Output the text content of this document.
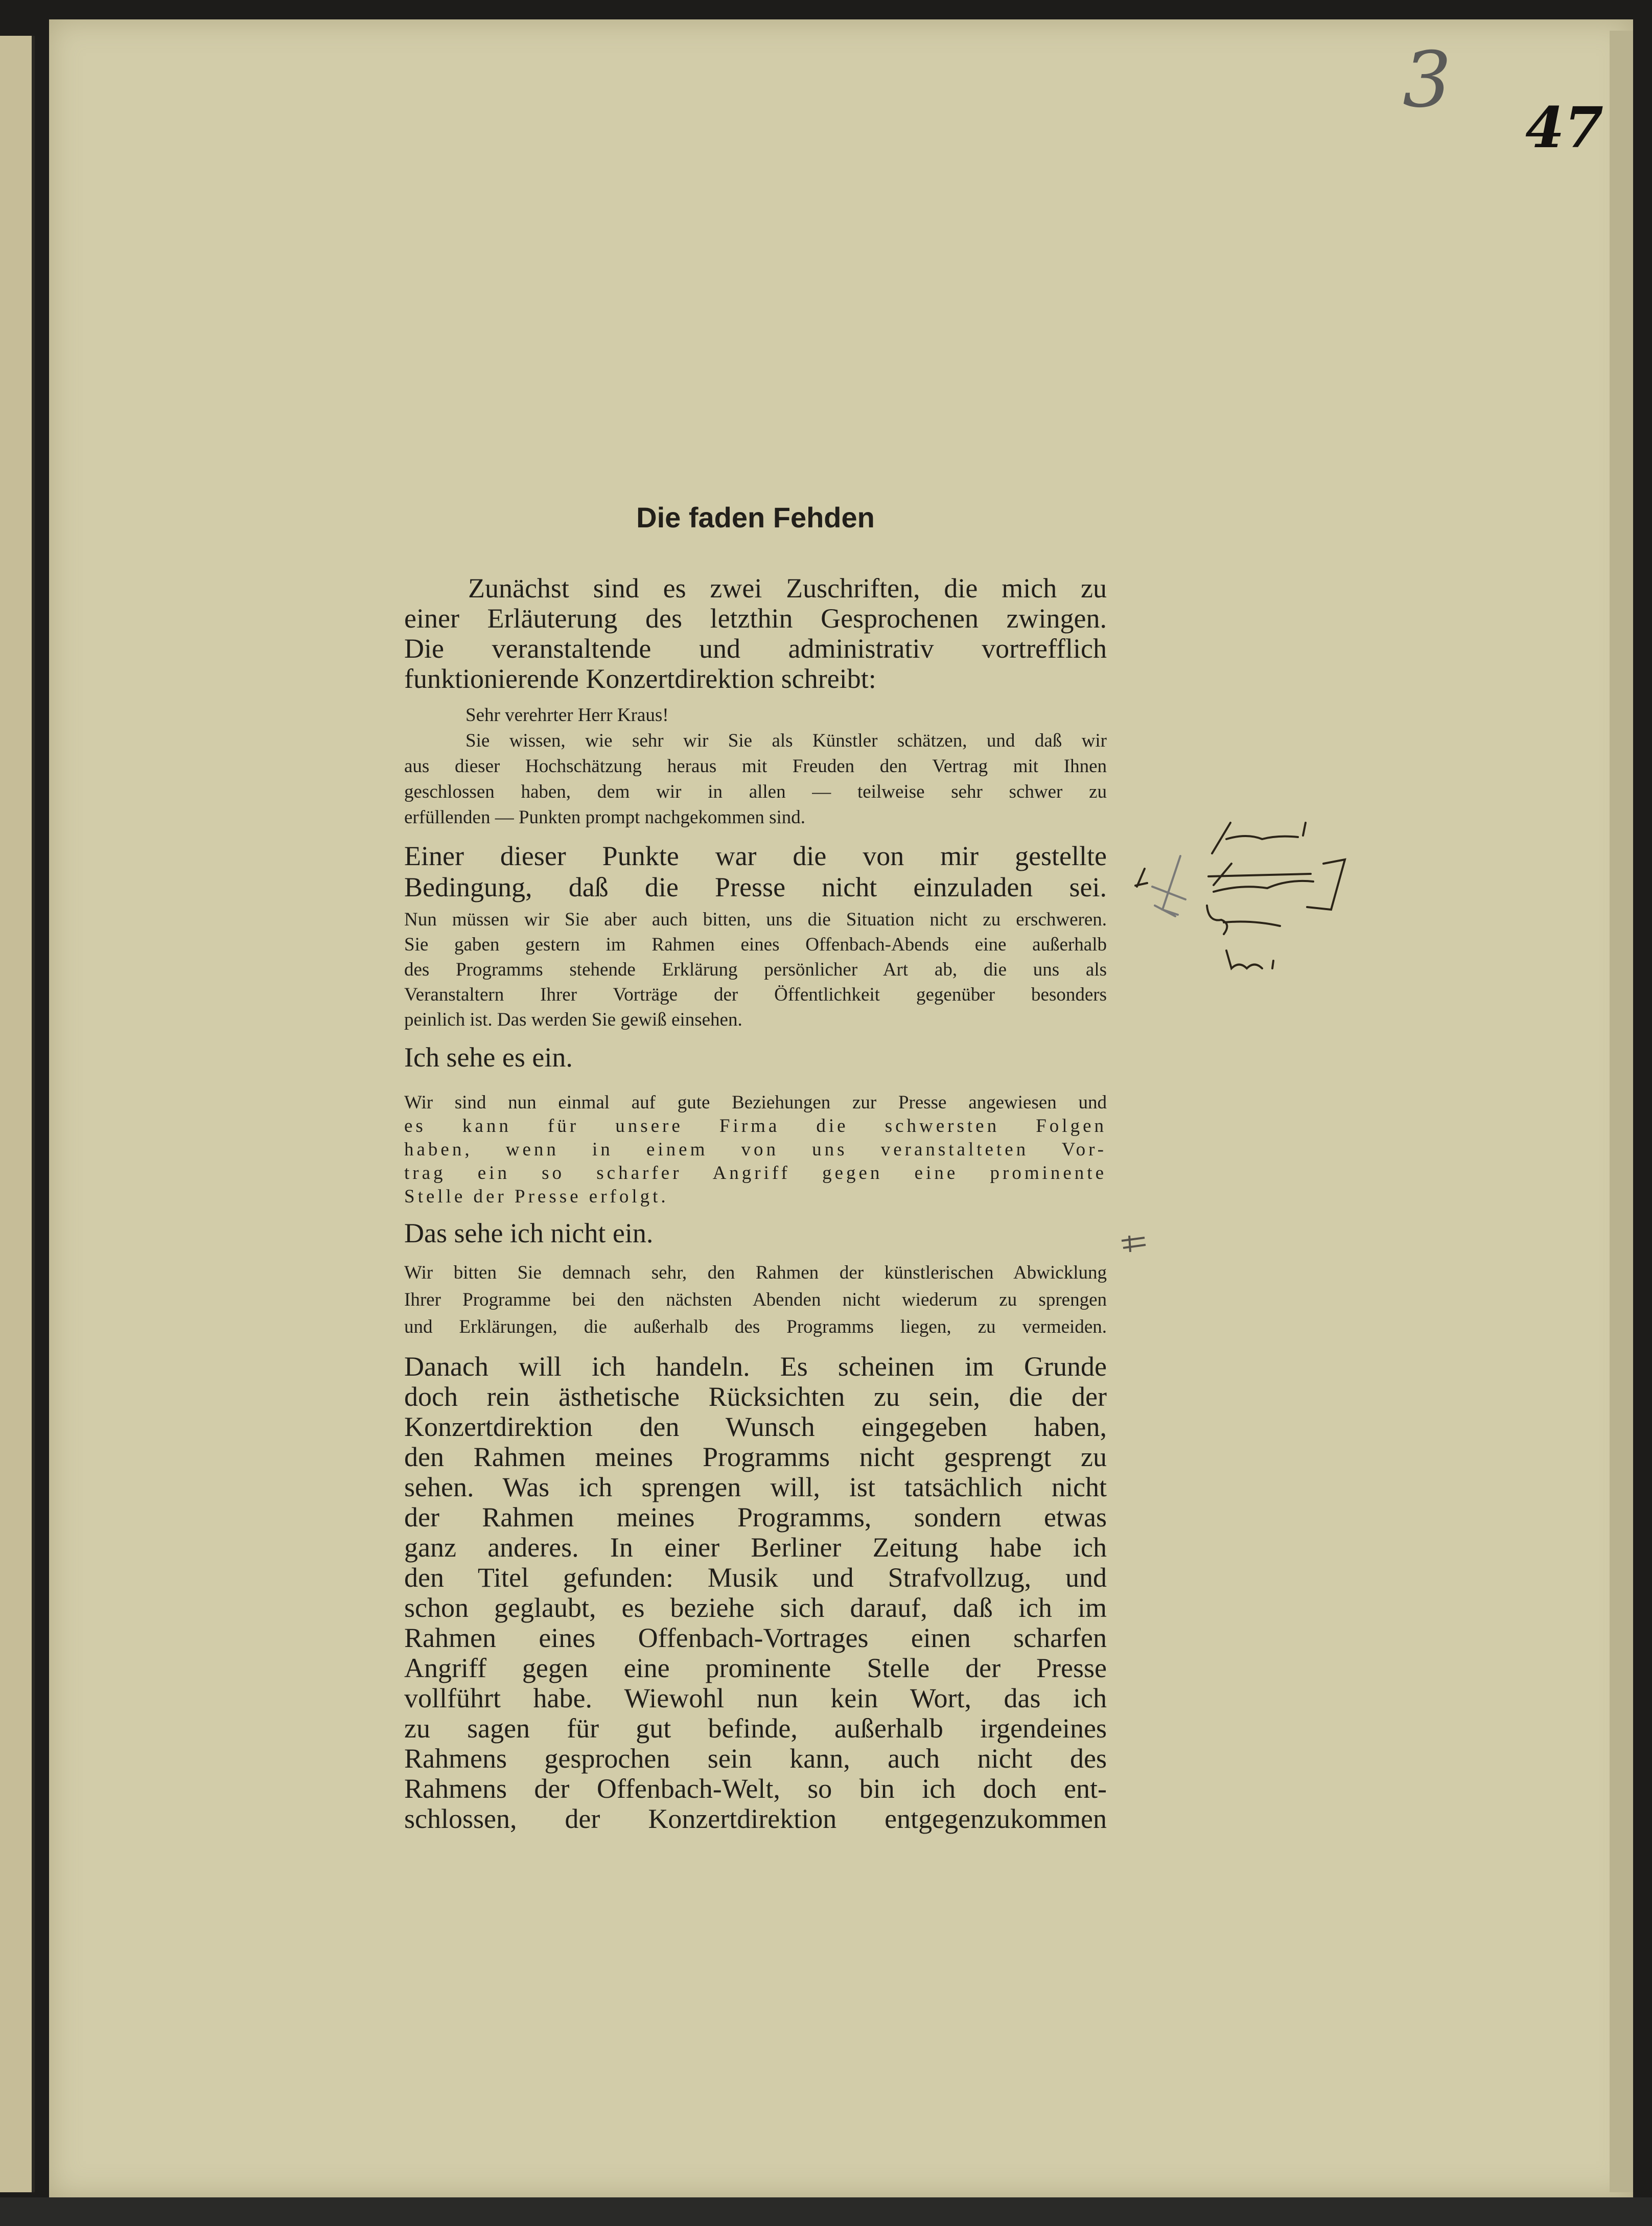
3
47
Die faden Fehden
Zunächst sind es zwei Zuschriften, die mich zu
einer Erläuterung des letzthin Gesprochenen zwingen.
Die veranstaltende und administrativ vortrefflich
funktionierende Konzertdirektion schreibt:
Sehr verehrter Herr Kraus!
Sie wissen, wie sehr wir Sie als Künstler schätzen, und daß wir
aus dieser Hochschätzung heraus mit Freuden den Vertrag mit Ihnen
geschlossen haben, dem wir in allen — teilweise sehr schwer zu
erfüllenden — Punkten prompt nachgekommen sind.
Einer dieser Punkte war die von mir gestellte
Bedingung, daß die Presse nicht einzuladen sei.
Nun müssen wir Sie aber auch bitten, uns die Situation nicht zu erschweren.
Sie gaben gestern im Rahmen eines Offenbach-Abends eine außerhalb
des Programms stehende Erklärung persönlicher Art ab, die uns als
Veranstaltern Ihrer Vorträge der Öffentlichkeit gegenüber besonders
peinlich ist. Das werden Sie gewiß einsehen.
Ich sehe es ein.
Wir sind nun einmal auf gute Beziehungen zur Presse angewiesen und
es kann für unsere Firma die schwersten Folgen
haben, wenn in einem von uns veranstalteten Vor-
trag ein so scharfer Angriff gegen eine prominente
Stelle der Presse erfolgt.
Das sehe ich nicht ein.
Wir bitten Sie demnach sehr, den Rahmen der künstlerischen Abwicklung
Ihrer Programme bei den nächsten Abenden nicht wiederum zu sprengen
und Erklärungen, die außerhalb des Programms liegen, zu vermeiden.
Danach will ich handeln. Es scheinen im Grunde
doch rein ästhetische Rücksichten zu sein, die der
Konzertdirektion den Wunsch eingegeben haben,
den Rahmen meines Programms nicht gesprengt zu
sehen. Was ich sprengen will, ist tatsächlich nicht
der Rahmen meines Programms, sondern etwas
ganz anderes. In einer Berliner Zeitung habe ich
den Titel gefunden: Musik und Strafvollzug, und
schon geglaubt, es beziehe sich darauf, daß ich im
Rahmen eines Offenbach-Vortrages einen scharfen
Angriff gegen eine prominente Stelle der Presse
vollführt habe. Wiewohl nun kein Wort, das ich
zu sagen für gut befinde, außerhalb irgendeines
Rahmens gesprochen sein kann, auch nicht des
Rahmens der Offenbach-Welt, so bin ich doch ent-
schlossen, der Konzertdirektion entgegenzukommen
